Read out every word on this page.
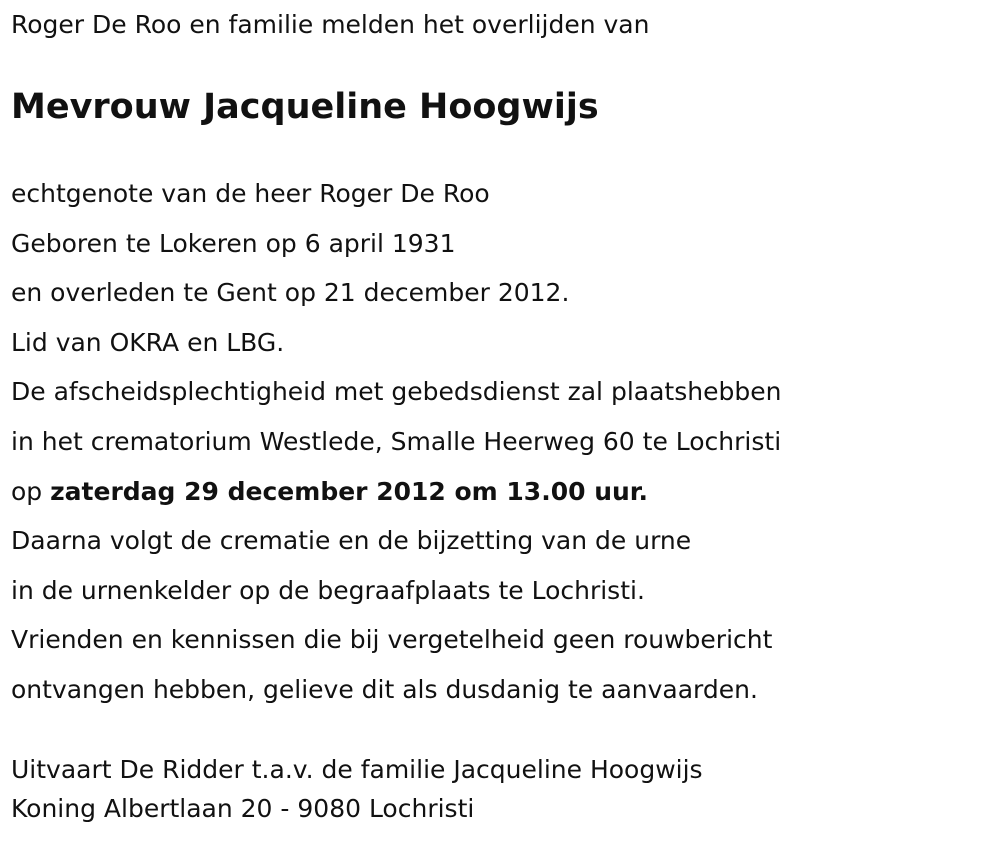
Roger De Roo en familie melden het overlijden van
Mevrouw Jacqueline Hoogwijs
echtgenote van de heer Roger De Roo
Geboren te Lokeren op 6 april 1931
en overleden te Gent op 21 december 2012.
Lid van OKRA en LBG.
De afscheidsplechtigheid met gebedsdienst zal plaatshebben
in het crematorium Westlede, Smalle Heerweg 60 te Lochristi
op zaterdag 29 december 2012 om 13.00 uur.
Daarna volgt de crematie en de bijzetting van de urne
in de urnenkelder op de begraafplaats te Lochristi.
Vrienden en kennissen die bij vergetelheid geen rouwbericht
ontvangen hebben, gelieve dit als dusdanig te aanvaarden.
Uitvaart De Ridder t.a.v. de familie Jacqueline Hoogwijs
Koning Albertlaan 20 - 9080 Lochristi
